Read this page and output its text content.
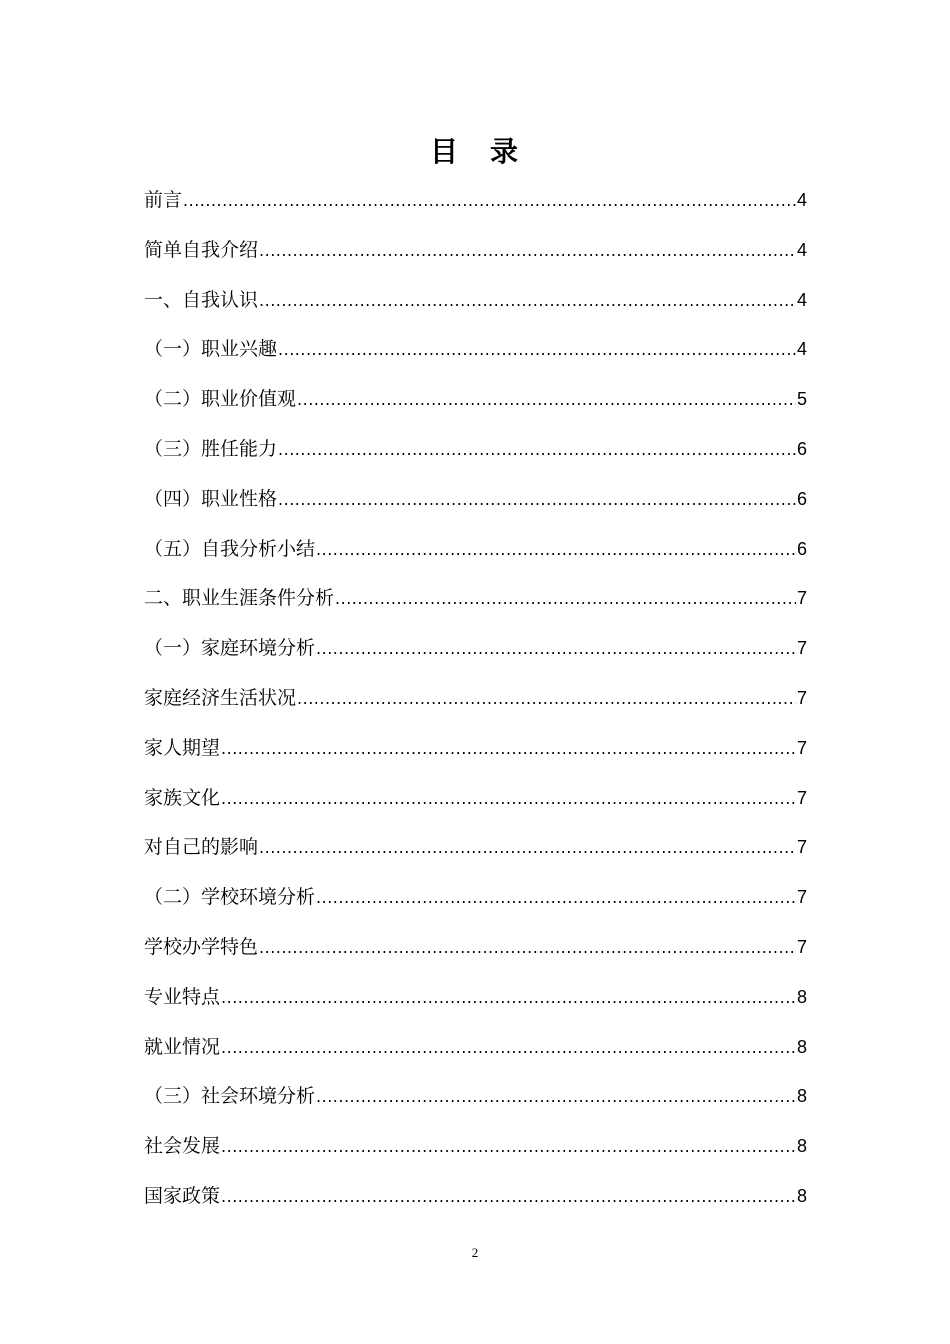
目　录
前言 .....	4
简单自我介绍 .....	4
一、自我认识 .....	4
（一）职业兴趣 .....	4
（二）职业价值观 .....	5
（三）胜任能力 .....	6
（四）职业性格 .....	6
（五）自我分析小结 .....	6
二、职业生涯条件分析 .....	7
（一）家庭环境分析 .....	7
家庭经济生活状况 .....	7
家人期望 .....	7
家族文化 .....	7
对自己的影响 .....	7
（二）学校环境分析 .....	7
学校办学特色 .....	7
专业特点 .....	8
就业情况 .....	8
（三）社会环境分析 .....	8
社会发展 .....	8
国家政策 .....	8
2
